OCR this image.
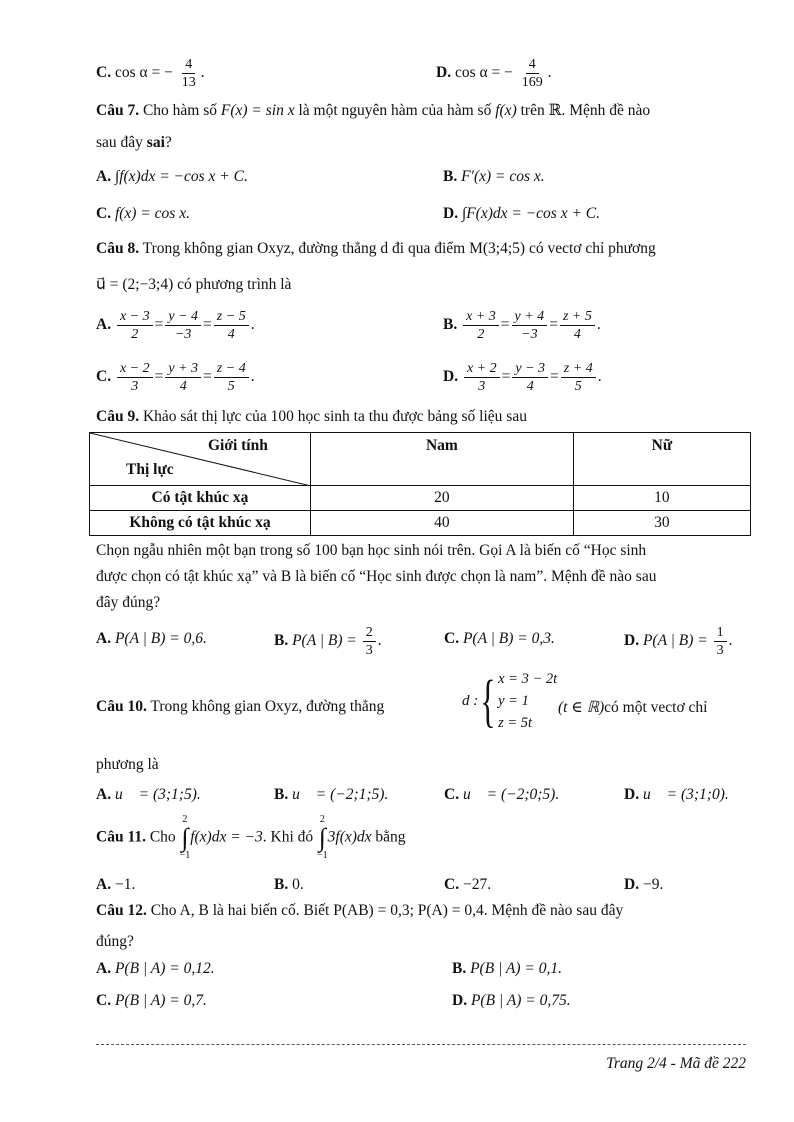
C. cos α = − $\frac{4}{13}$ .	D. cos α = − $\frac{4}{169}$ .
Câu 7. Cho hàm số F(x) = sin x là một nguyên hàm của hàm số f(x) trên ℝ. Mệnh đề nào
sau đây sai?
A. ∫f(x)dx = −cos x + C.	B. F′(x) = cos x.
C. f(x) = cos x.	D. ∫F(x)dx = −cos x + C.
Câu 8. Trong không gian Oxyz, đường thẳng d đi qua điểm M(3;4;5) có vectơ chỉ phương
u⃗ = (2;−3;4) có phương trình là
A. $\frac{x - 3}{2} = \frac{y - 4}{-3} = \frac{z - 5}{4}$ .	B. $\frac{x + 3}{2} = \frac{y + 4}{-3} = \frac{z + 5}{4}$ .
C. $\frac{x - 2}{3} = \frac{y + 3}{4} = \frac{z - 4}{5}$ .	D. $\frac{x + 2}{3} = \frac{y - 3}{4} = \frac{z + 4}{5}$ .
Câu 9. Khảo sát thị lực của 100 học sinh ta thu được bảng số liệu sau
Giới tính
Thị lực	Nam	Nữ
Có tật khúc xạ	20	10
Không có tật khúc xạ	40	30
Chọn ngẫu nhiên một bạn trong số 100 bạn học sinh nói trên. Gọi A là biến cố “Học sinh
được chọn có tật khúc xạ” và B là biến cố “Học sinh được chọn là nam”. Mệnh đề nào sau
đây đúng?
A. P(A | B) = 0,6.	B. P(A | $B) = \frac{2}{3}$ .	C. P(A | B) = 0,3.	D. P(A | $B) = \frac{1}{3}$ .
Câu 10. Trong không gian Oxyz, đường thẳng	d : { x = 3 − 2t
y = 1
z = 5t
(t ∈ ℝ)có một vectơ chỉ
phương là
A. u⃗ = (3;1;5).	B. u⃗ = (−2;1;5).	C. u⃗ = (−2;0;5).	D. u⃗ = (3;1;0).
Câu 11. Cho
2
∫
−1
f(x)dx = −3. Khi đó
2
∫
−1
3f(x)dx bằng
A. −1.	B. 0.	C. −27.	D. −9.
Câu 12. Cho A, B là hai biến cố. Biết P(AB) = 0,3; P(A) = 0,4. Mệnh đề nào sau đây
đúng?
A. P(B | A) = 0,12.	B. P(B | A) = 0,1.
C. P(B | A) = 0,7.	D. P(B | A) = 0,75.
Trang 2/4 - Mã đề 222
